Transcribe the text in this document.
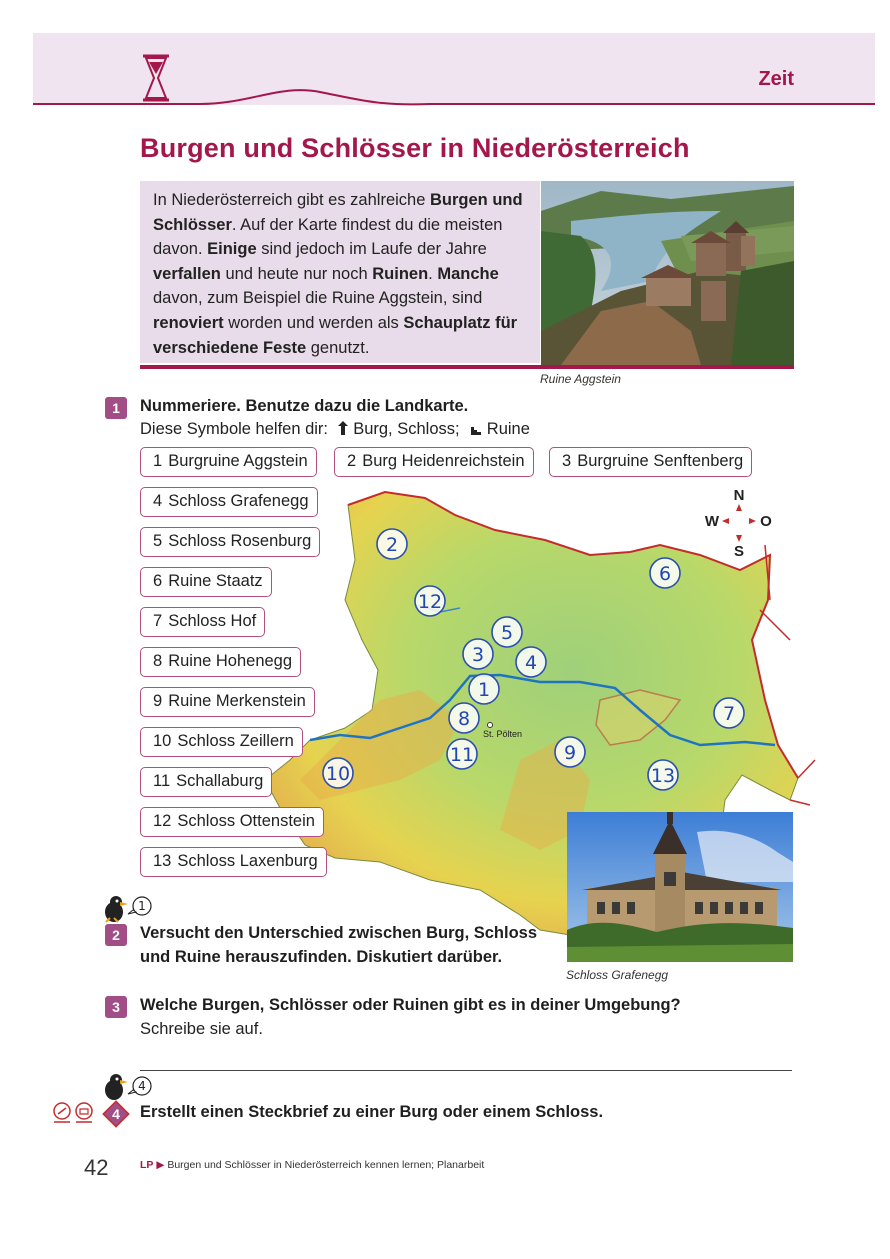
Zeit
Burgen und Schlösser in Niederösterreich

In Niederösterreich gibt es zahlreiche Burgen und Schlösser. Auf der Karte findest du die meisten davon. Einige sind jedoch im Laufe der Jahre verfallen und heute nur noch Ruinen. Manche davon, zum Beispiel die Ruine Aggstein, sind renoviert worden und werden als Schauplatz für verschiedene Feste genutzt.

Ruine Aggstein
1	Nummeriere. Benutze dazu die Landkarte.
Diese Symbole helfen dir: Burg, Schloss; Ruine
St. Pölten
2
12
5
3 4
1
8
11	9
6
7
10	13
N
S
W	O
1 Burgruine Aggstein	2 Burg Heidenreichstein	3 Burgruine Senftenberg
4 Schloss Grafenegg
5 Schloss Rosenburg
6 Ruine Staatz
7 Schloss Hof
8 Ruine Hohenegg
9 Ruine Merkenstein
10 Schloss Zeillern
11 Schallaburg
12 Schloss Ottenstein
13 Schloss Laxenburg
Schloss Grafenegg
1
2	Versucht den Unterschied zwischen Burg, Schloss
und Ruine herauszufinden. Diskutiert darüber.
3	Welche Burgen, Schlösser oder Ruinen gibt es in deiner Umgebung?
Schreibe sie auf.
4
4 Erstellt einen Steckbrief zu einer Burg oder einem Schloss.
42	LP ▶ Burgen und Schlösser in Niederösterreich kennen lernen; Planarbeit
